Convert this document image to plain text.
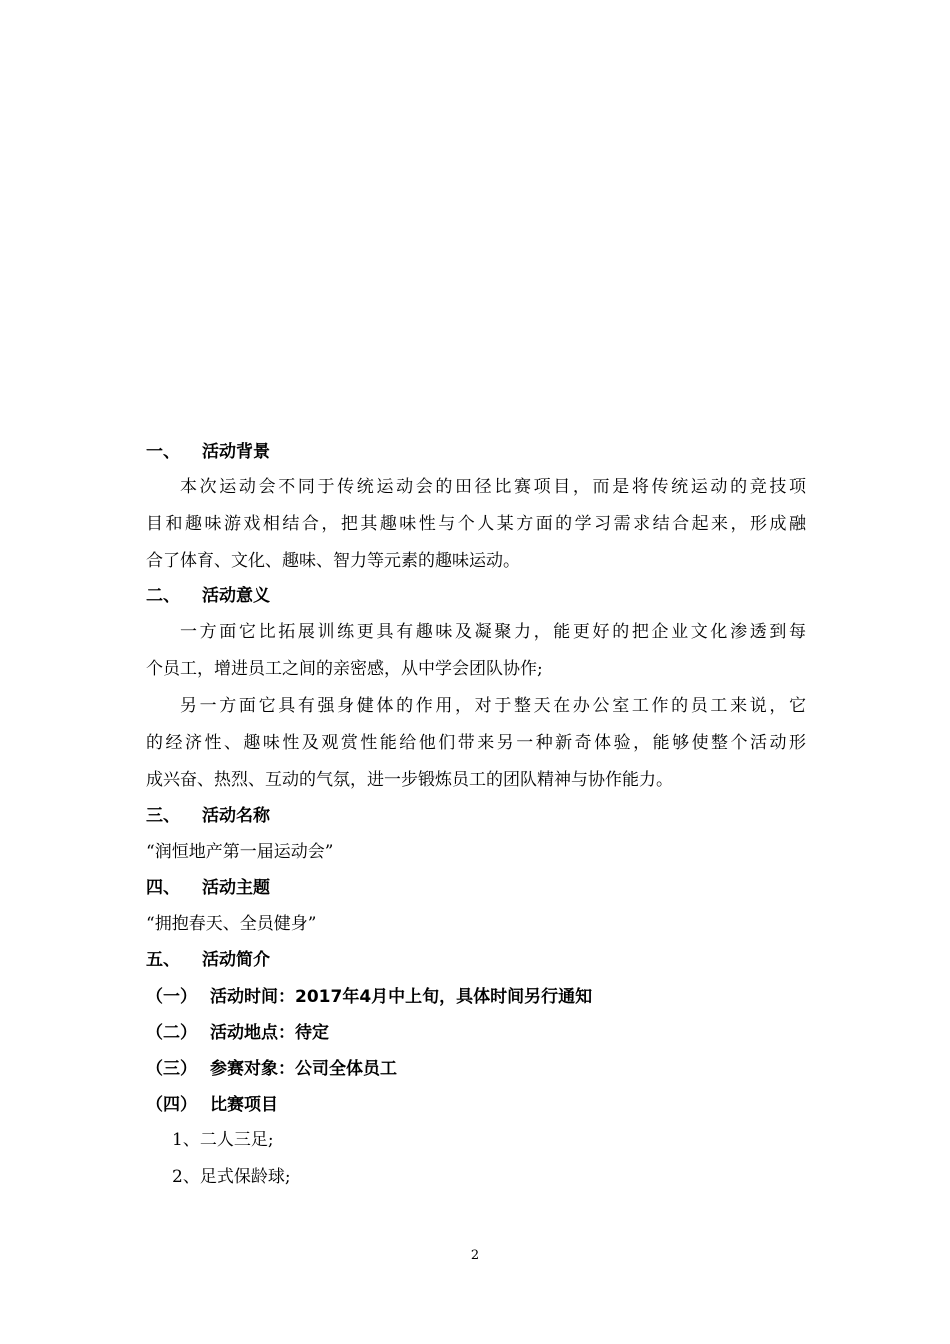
一、 活动背景
本次运动会不同于传统运动会的田径比赛项目，而是将传统运动的竞技项
目和趣味游戏相结合，把其趣味性与个人某方面的学习需求结合起来，形成融
合了体育、文化、趣味、智力等元素的趣味运动。
二、 活动意义
一方面它比拓展训练更具有趣味及凝聚力，能更好的把企业文化渗透到每
个员工，增进员工之间的亲密感，从中学会团队协作;
另一方面它具有强身健体的作用，对于整天在办公室工作的员工来说，它
的经济性、趣味性及观赏性能给他们带来另一种新奇体验，能够使整个活动形
成兴奋、热烈、互动的气氛，进一步锻炼员工的团队精神与协作能力。
三、 活动名称
“润恒地产第一届运动会”
四、 活动主题
“拥抱春天、全员健身”
五、 活动简介
（一） 活动时间：2017年4月中上旬，具体时间另行通知
（二） 活动地点：待定
（三） 参赛对象：公司全体员工
（四） 比赛项目
1、二人三足;
2、足式保龄球;
2
